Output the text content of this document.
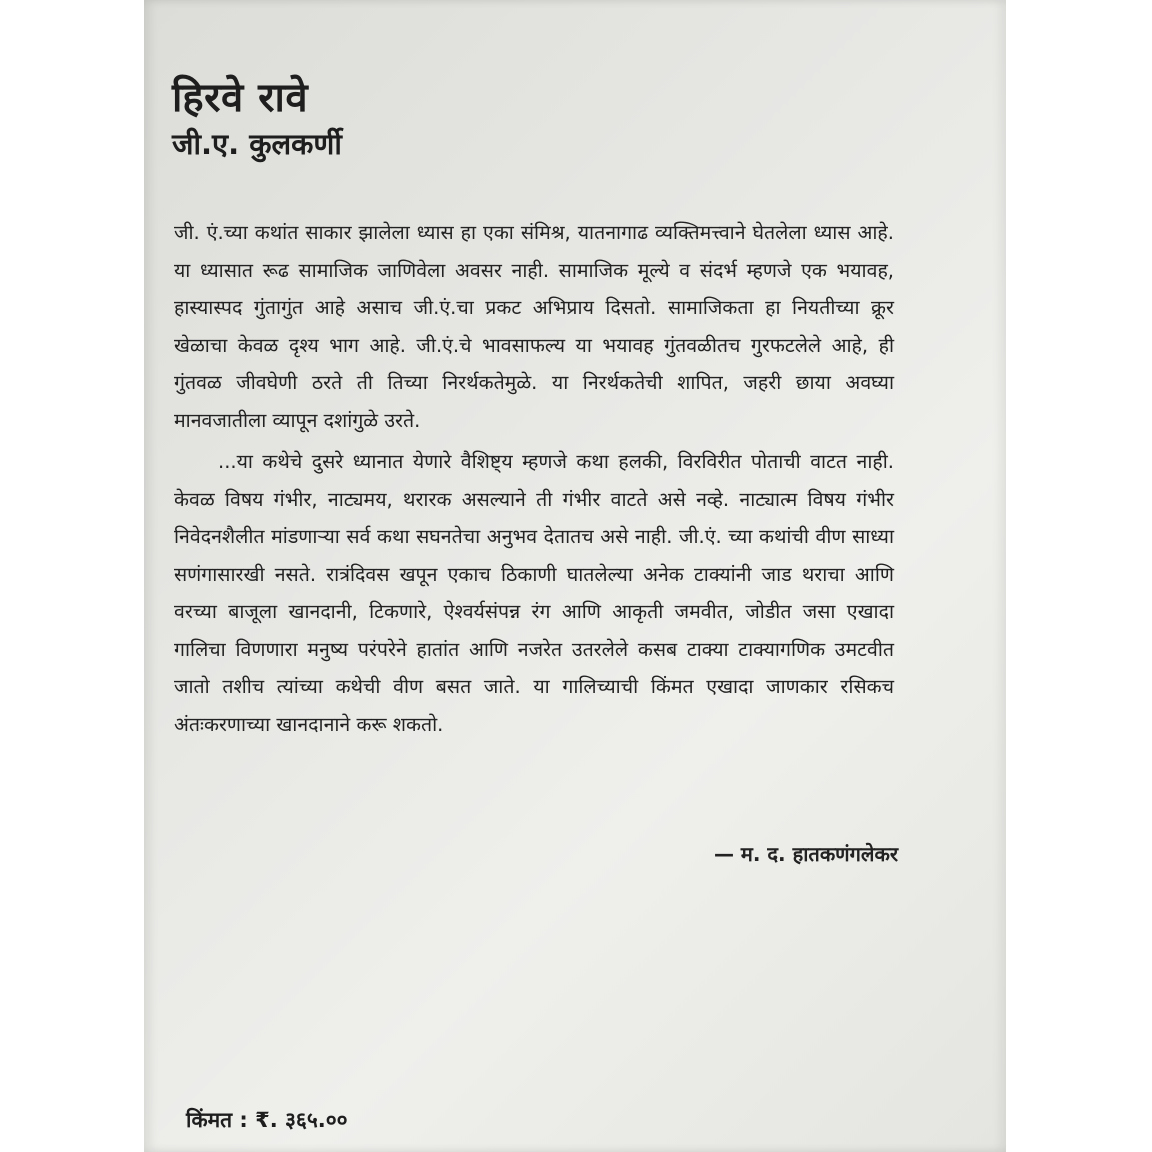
हिरवे रावे
जी.ए. कुलकर्णी

जी. एं.च्या कथांत साकार झालेला ध्यास हा एका संमिश्र, यातनागाढ व्यक्तिमत्त्वाने घेतलेला ध्यास आहे. या ध्यासात रूढ सामाजिक जाणिवेला अवसर नाही. सामाजिक मूल्ये व संदर्भ म्हणजे एक भयावह, हास्यास्पद गुंतागुंत आहे असाच जी.एं.चा प्रकट अभिप्राय दिसतो. सामाजिकता हा नियतीच्या क्रूर खेळाचा केवळ दृश्य भाग आहे. जी.एं.चे भावसाफल्य या भयावह गुंतवळीतच गुरफटलेले आहे, ही गुंतवळ जीवघेणी ठरते ती तिच्या निरर्थकतेमुळे. या निरर्थकतेची शापित, जहरी छाया अवघ्या मानवजातीला व्यापून दशांगुळे उरते.

...या कथेचे दुसरे ध्यानात येणारे वैशिष्ट्य म्हणजे कथा हलकी, विरविरीत पोताची वाटत नाही. केवळ विषय गंभीर, नाट्यमय, थरारक असल्याने ती गंभीर वाटते असे नव्हे. नाट्यात्म विषय गंभीर निवेदनशैलीत मांडणाऱ्या सर्व कथा सघनतेचा अनुभव देतातच असे नाही. जी.एं. च्या कथांची वीण साध्या सणंगासारखी नसते. रात्रंदिवस खपून एकाच ठिकाणी घातलेल्या अनेक टाक्यांनी जाड थराचा आणि वरच्या बाजूला खानदानी, टिकणारे, ऐश्वर्यसंपन्न रंग आणि आकृती जमवीत, जोडीत जसा एखादा गालिचा विणणारा मनुष्य परंपरेने हातांत आणि नजरेत उतरलेले कसब टाक्या टाक्यागणिक उमटवीत जातो तशीच त्यांच्या कथेची वीण बसत जाते. या गालिच्याची किंमत एखादा जाणकार रसिकच अंतःकरणाच्या खानदानाने करू शकतो.

— म. द. हातकणंगलेकर
किंमत : ₹. ३६५.००
